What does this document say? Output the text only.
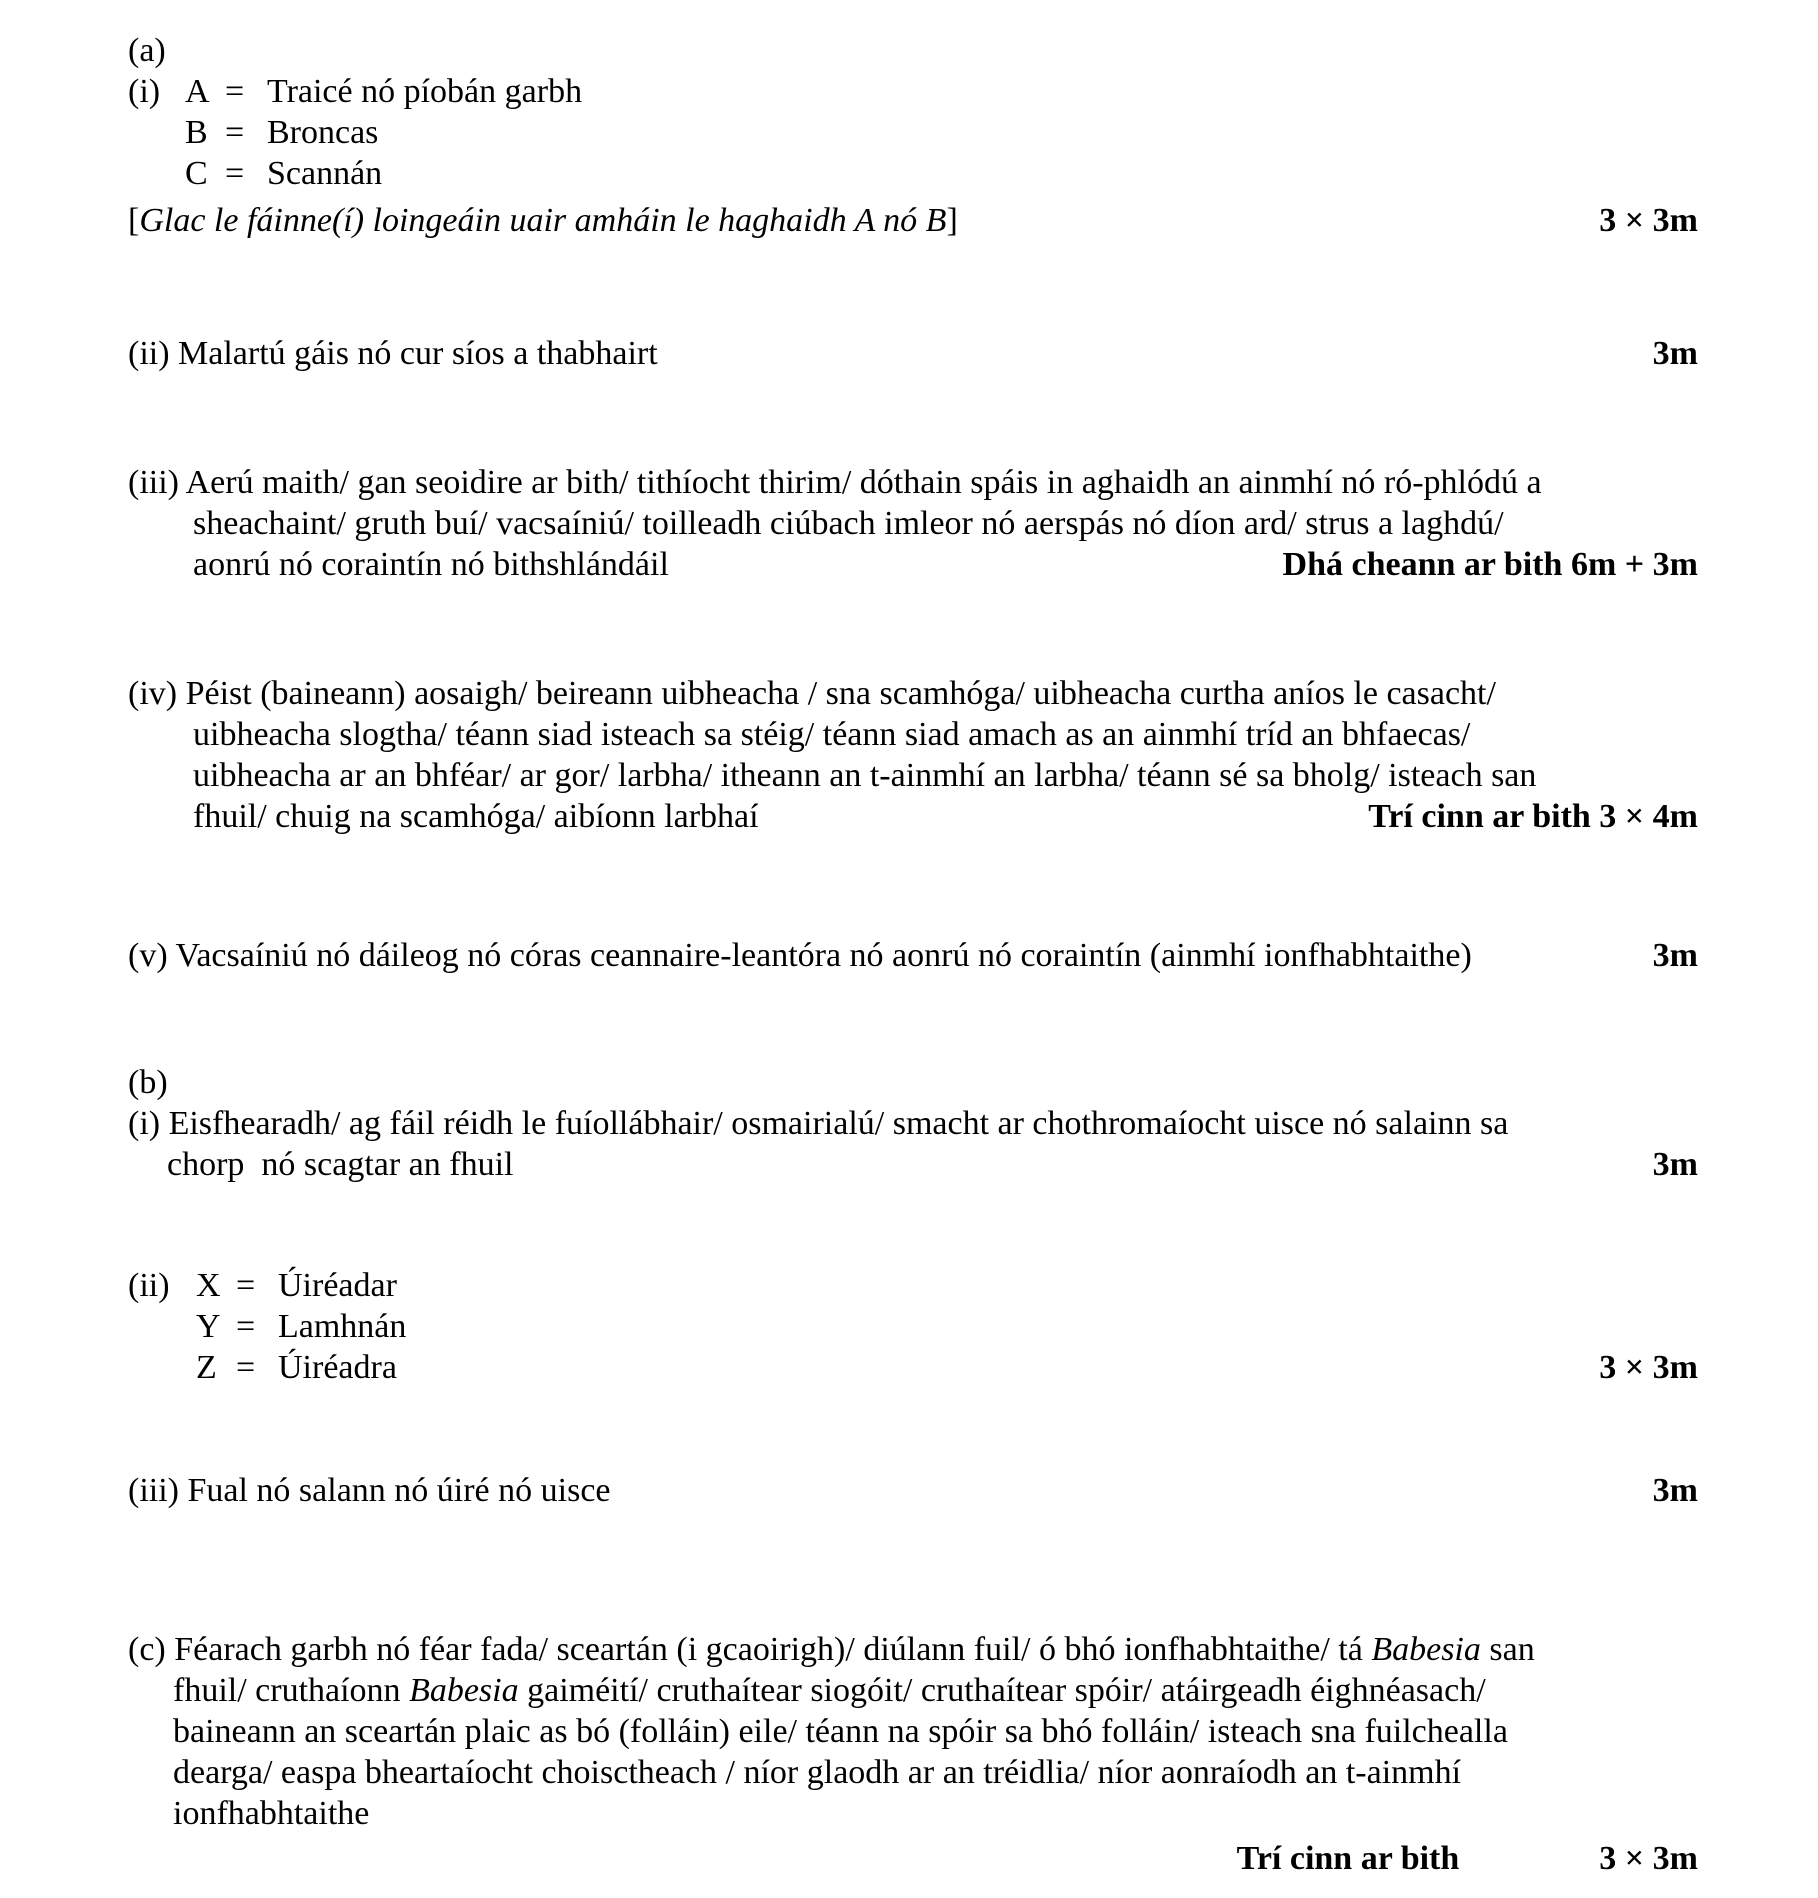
(a)
(i) A = Traicé nó píobán garbh
B = Broncas
C = Scannán
[Glac le fáinne(í) loingeáin uair amháin le haghaidh A nó B]	3 × 3m
(ii) Malartú gáis nó cur síos a thabhairt	3m
(iii) Aerú maith/ gan seoidire ar bith/ tithíocht thirim/ dóthain spáis in aghaidh an ainmhí nó ró-phlódú a
sheachaint/ gruth buí/ vacsaíniú/ toilleadh ciúbach imleor nó aerspás nó díon ard/ strus a laghdú/
aonrú nó coraintín nó bithshlándáil	Dhá cheann ar bith 6m + 3m
(iv) Péist (baineann) aosaigh/ beireann uibheacha / sna scamhóga/ uibheacha curtha aníos le casacht/
uibheacha slogtha/ téann siad isteach sa stéig/ téann siad amach as an ainmhí tríd an bhfaecas/
uibheacha ar an bhféar/ ar gor/ larbha/ itheann an t-ainmhí an larbha/ téann sé sa bholg/ isteach san
fhuil/ chuig na scamhóga/ aibíonn larbhaí	Trí cinn ar bith 3 × 4m
(v) Vacsaíniú nó dáileog nó córas ceannaire-leantóra nó aonrú nó coraintín (ainmhí ionfhabhtaithe)	3m
(b)
(i) Eisfhearadh/ ag fáil réidh le fuíollábhair/ osmairialú/ smacht ar chothromaíocht uisce nó salainn sa
chorp  nó scagtar an fhuil	3m
(ii) X = Úiréadar
Y = Lamhnán
Z = Úiréadra	3 × 3m
(iii) Fual nó salann nó úiré nó uisce	3m
(c) Féarach garbh nó féar fada/ sceartán (i gcaoirigh)/ diúlann fuil/ ó bhó ionfhabhtaithe/ tá Babesia san
fhuil/ cruthaíonn Babesia gaiméití/ cruthaítear siogóit/ cruthaítear spóir/ atáirgeadh éighnéasach/
baineann an sceartán plaic as bó (folláin) eile/ téann na spóir sa bhó folláin/ isteach sna fuilchealla
dearga/ easpa bheartaíocht choisctheach / níor glaodh ar an tréidlia/ níor aonraíodh an t-ainmhí
ionfhabhtaithe
Trí cinn ar bith	3 × 3m
